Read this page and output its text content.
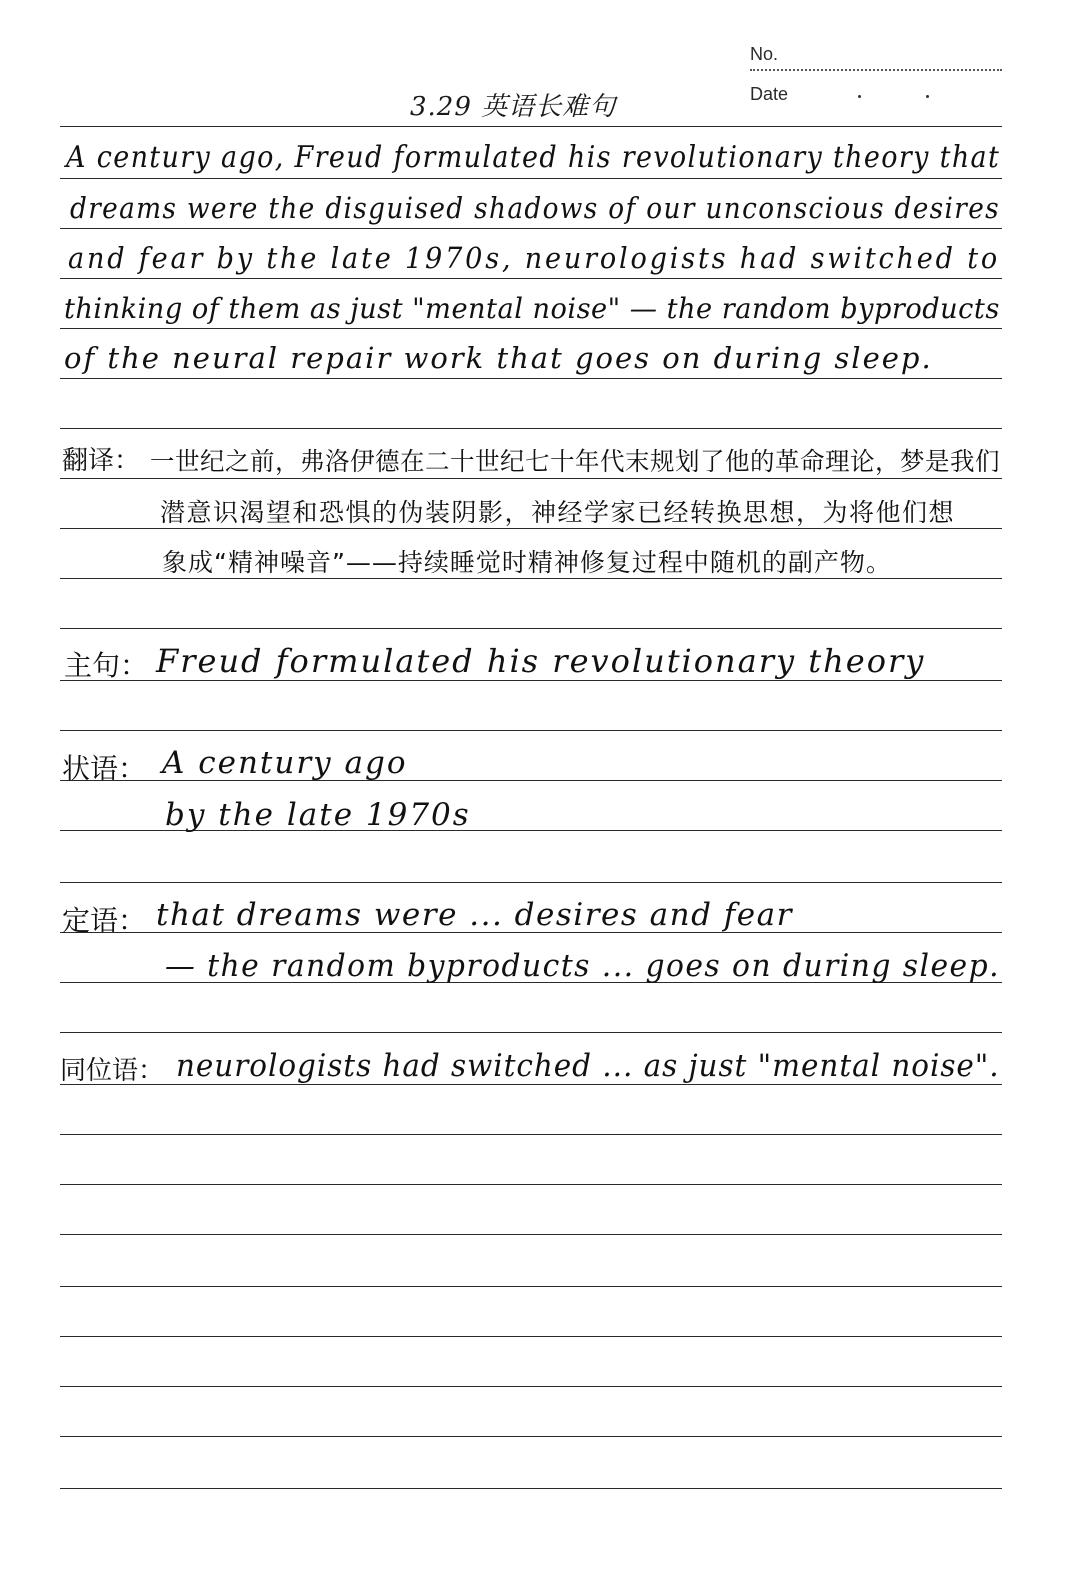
No.
Date
3.29 英语长难句
A century ago, Freud formulated his revolutionary theory that
dreams were the disguised shadows of our unconscious desires
and fear by the late 1970s, neurologists had switched to
thinking of them as just "mental noise" — the random byproducts
of the neural repair work that goes on during sleep.
翻译： 一世纪之前，弗洛伊德在二十世纪七十年代末规划了他的革命理论，梦是我们
潜意识渴望和恐惧的伪装阴影，神经学家已经转换思想，为将他们想
象成“精神噪音”——持续睡觉时精神修复过程中随机的副产物。
主句： Freud formulated his revolutionary theory
状语： A century ago
by the late 1970s
定语： that dreams were ... desires and fear
— the random byproducts ... goes on during sleep.
同位语： neurologists had switched ... as just "mental noise".
